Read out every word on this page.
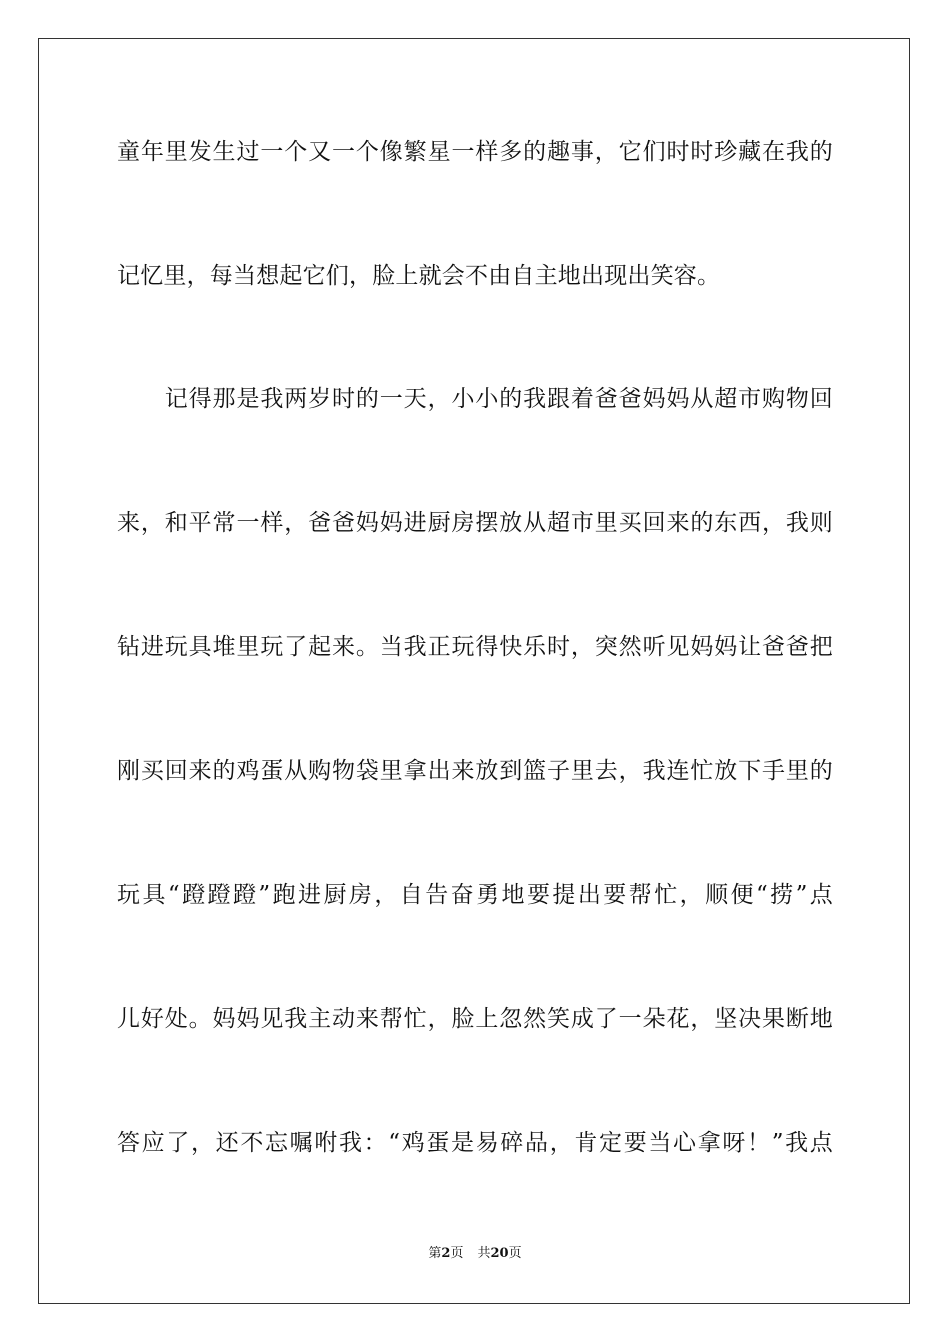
童年里发生过一个又一个像繁星一样多的趣事，它们时时珍藏在我的
记忆里，每当想起它们，脸上就会不由自主地出现出笑容。
　　记得那是我两岁时的一天，小小的我跟着爸爸妈妈从超市购物回
来，和平常一样，爸爸妈妈进厨房摆放从超市里买回来的东西，我则
钻进玩具堆里玩了起来。当我正玩得快乐时，突然听见妈妈让爸爸把
刚买回来的鸡蛋从购物袋里拿出来放到篮子里去，我连忙放下手里的
玩具“蹬蹬蹬”跑进厨房，自告奋勇地要提出要帮忙，顺便“捞”点
儿好处。妈妈见我主动来帮忙，脸上忽然笑成了一朵花，坚决果断地
答应了，还不忘嘱咐我：“鸡蛋是易碎品，肯定要当心拿呀！”我点
第2页 共20页
